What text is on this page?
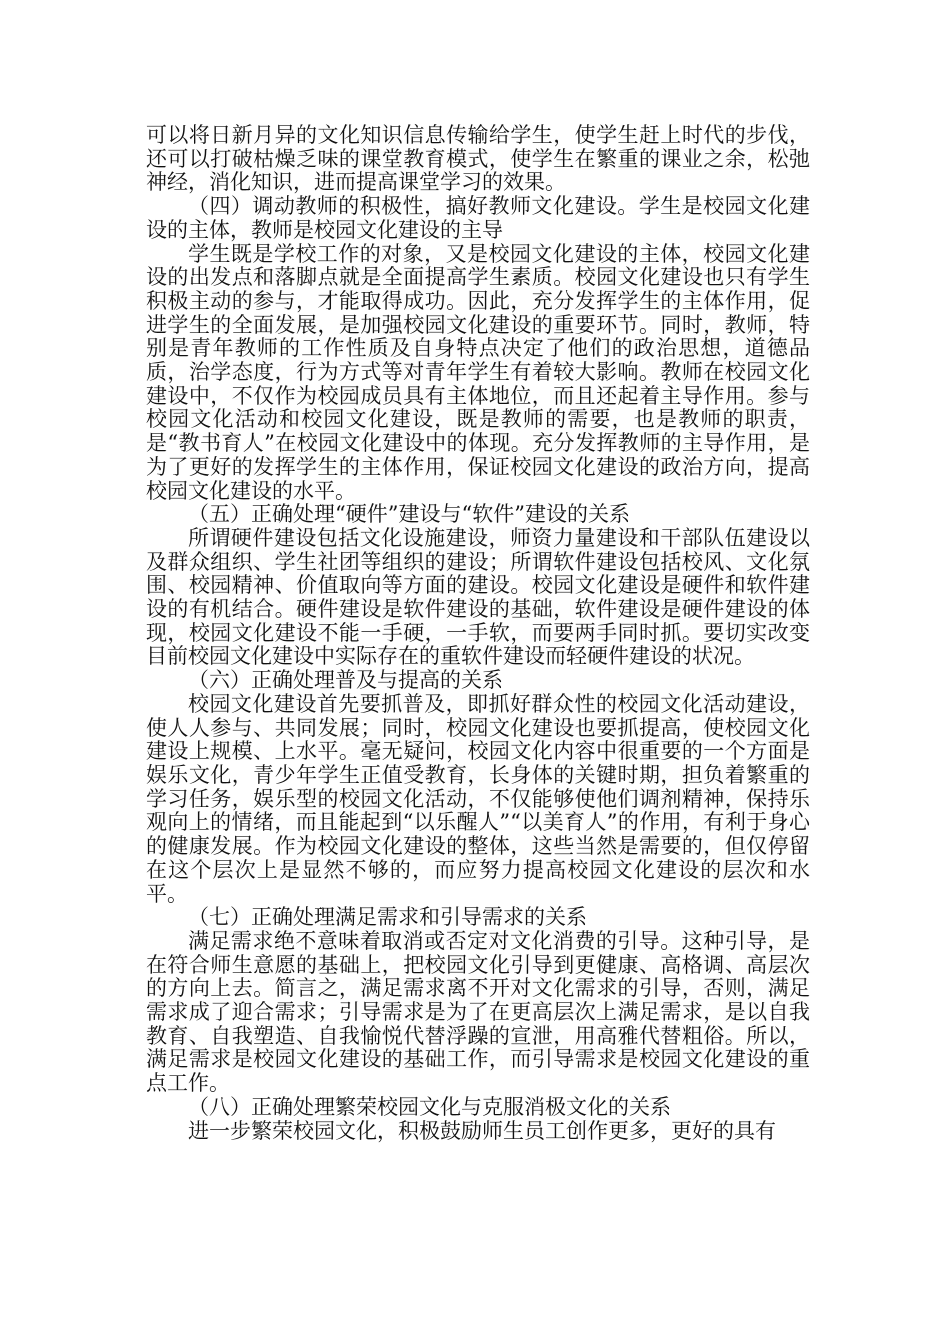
可以将日新月异的文化知识信息传输给学生，使学生赶上时代的步伐，还可以打破枯燥乏味的课堂教育模式，使学生在繁重的课业之余，松弛神经，消化知识，进而提高课堂学习的效果。

（四）调动教师的积极性，搞好教师文化建设。学生是校园文化建设的主体，教师是校园文化建设的主导

学生既是学校工作的对象，又是校园文化建设的主体，校园文化建设的出发点和落脚点就是全面提高学生素质。校园文化建设也只有学生积极主动的参与，才能取得成功。因此，充分发挥学生的主体作用，促进学生的全面发展，是加强校园文化建设的重要环节。同时，教师，特别是青年教师的工作性质及自身特点决定了他们的政治思想，道德品质，治学态度，行为方式等对青年学生有着较大影响。教师在校园文化建设中，不仅作为校园成员具有主体地位，而且还起着主导作用。参与校园文化活动和校园文化建设，既是教师的需要，也是教师的职责，是“教书育人”在校园文化建设中的体现。充分发挥教师的主导作用，是为了更好的发挥学生的主体作用，保证校园文化建设的政治方向，提高校园文化建设的水平。

（五）正确处理“硬件”建设与“软件”建设的关系

所谓硬件建设包括文化设施建设，师资力量建设和干部队伍建设以及群众组织、学生社团等组织的建设；所谓软件建设包括校风、文化氛围、校园精神、价值取向等方面的建设。校园文化建设是硬件和软件建设的有机结合。硬件建设是软件建设的基础，软件建设是硬件建设的体现，校园文化建设不能一手硬，一手软，而要两手同时抓。要切实改变目前校园文化建设中实际存在的重软件建设而轻硬件建设的状况。

（六）正确处理普及与提高的关系

校园文化建设首先要抓普及，即抓好群众性的校园文化活动建设，使人人参与、共同发展；同时，校园文化建设也要抓提高，使校园文化建设上规模、上水平。毫无疑问，校园文化内容中很重要的一个方面是娱乐文化，青少年学生正值受教育，长身体的关键时期，担负着繁重的学习任务，娱乐型的校园文化活动，不仅能够使他们调剂精神，保持乐观向上的情绪，而且能起到“以乐醒人”“以美育人”的作用，有利于身心的健康发展。作为校园文化建设的整体，这些当然是需要的，但仅停留在这个层次上是显然不够的，而应努力提高校园文化建设的层次和水平。

（七）正确处理满足需求和引导需求的关系

满足需求绝不意味着取消或否定对文化消费的引导。这种引导，是在符合师生意愿的基础上，把校园文化引导到更健康、高格调、高层次的方向上去。简言之，满足需求离不开对文化需求的引导，否则，满足需求成了迎合需求；引导需求是为了在更高层次上满足需求，是以自我教育、自我塑造、自我愉悦代替浮躁的宣泄，用高雅代替粗俗。所以，满足需求是校园文化建设的基础工作，而引导需求是校园文化建设的重点工作。

（八）正确处理繁荣校园文化与克服消极文化的关系

进一步繁荣校园文化，积极鼓励师生员工创作更多，更好的具有
